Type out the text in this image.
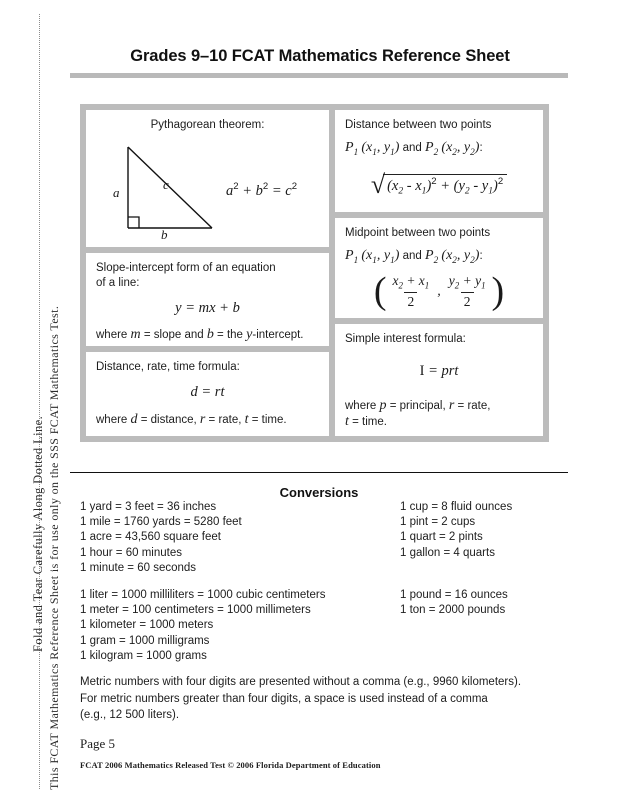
Fold and Tear Carefully Along Dotted Line. This FCAT Mathematics Reference Sheet is for use only on the SSS FCAT Mathematics Test.
Grades 9–10 FCAT Mathematics Reference Sheet
Pythagorean theorem:
a
b
c	$a^2 + b^2 = c^2$
Slope-intercept form of an equation
of a line:
y = mx + b
where m = slope and b = the y-intercept.
Distance, rate, time formula:
d = rt
where d = distance, r = rate, t = time.
Distance between two points
$P_1$ ($x_1$, $y_1$) and $P_2$ ($x_2$, $y_2$):
√ $(x_2 - x_1)^2 + (y_2 - y_1)^2$
Midpoint between two points
$P_1$ ($x_1$, $y_1$) and $P_2$ ($x_2$, $y_2$):
( $\frac{x_2 + x_1}{2}$ , $\frac{y_2 + y_1}{2}$ )
Simple interest formula:
I = prt
where p = principal, r = rate,
t = time.
Conversions
1 yard = 3 feet = 36 inches
1 mile = 1760 yards = 5280 feet
1 acre = 43,560 square feet
1 hour = 60 minutes
1 minute = 60 seconds
1 cup = 8 fluid ounces
1 pint = 2 cups
1 quart = 2 pints
1 gallon = 4 quarts
1 liter = 1000 milliliters = 1000 cubic centimeters
1 meter = 100 centimeters = 1000 millimeters
1 kilometer = 1000 meters
1 gram = 1000 milligrams
1 kilogram = 1000 grams
1 pound = 16 ounces
1 ton = 2000 pounds
Metric numbers with four digits are presented without a comma (e.g., 9960 kilometers).
For metric numbers greater than four digits, a space is used instead of a comma
(e.g., 12 500 liters).
Page 5
FCAT 2006 Mathematics Released Test © 2006 Florida Department of Education
